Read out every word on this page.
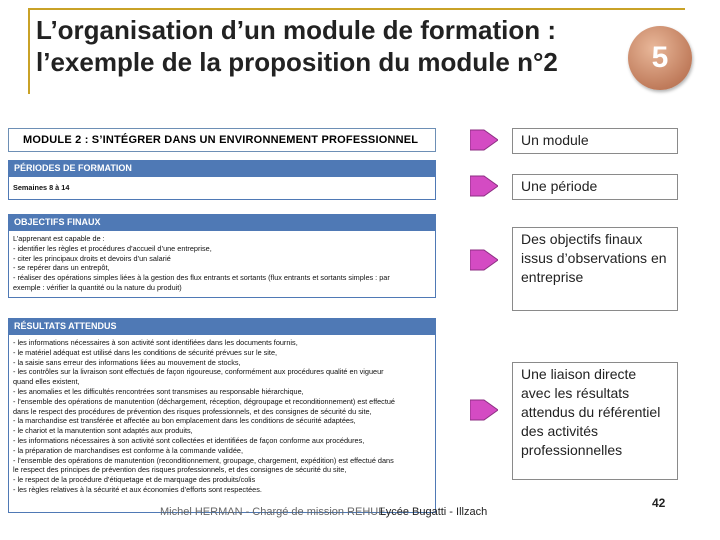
L’organisation d’un module de formation :
l’exemple de la proposition du module n°2	5
MODULE 2 : S’INTÉGRER DANS UN ENVIRONNEMENT PROFESSIONNEL
PÉRIODES DE FORMATION
Semaines 8 à 14
OBJECTIFS FINAUX
L’apprenant est capable de :
- identifier les règles et procédures d’accueil d’une entreprise,
- citer les principaux droits et devoirs d’un salarié
- se repérer dans un entrepôt,
- réaliser des opérations simples liées à la gestion des flux entrants et sortants (flux entrants et sortants simples : par
exemple : vérifier la quantité ou la nature du produit)
RÉSULTATS ATTENDUS
- les informations nécessaires à son activité sont identifiées dans les documents fournis,
- le matériel adéquat est utilisé dans les conditions de sécurité prévues sur le site,
- la saisie sans erreur des informations liées au mouvement de stocks,
- les contrôles sur la livraison sont effectués de façon rigoureuse, conformément aux procédures qualité en vigueur
quand elles existent,
- les anomalies et les difficultés rencontrées sont transmises au responsable hiérarchique,
- l’ensemble des opérations de manutention (déchargement, réception, dégroupage et reconditionnement) est effectué
dans le respect des procédures de prévention des risques professionnels, et des consignes de sécurité du site,
- la marchandise est transférée et affectée au bon emplacement dans les conditions de sécurité adaptées,
- le chariot et la manutention sont adaptés aux produits,
- les informations nécessaires à son activité sont collectées et identifiées de façon conforme aux procédures,
- la préparation de marchandises est conforme à la commande validée,
- l’ensemble des opérations de manutention (reconditionnement, groupage, chargement, expédition) est effectué dans
le respect des principes de prévention des risques professionnels, et des consignes de sécurité du site,
- le respect de la procédure d’étiquetage et de marquage des produits/colis
- les règles relatives à la sécurité et aux économies d’efforts sont respectées.
Un module
Une période
Des objectifs finaux issus d’observations en entreprise
Une liaison directe avec les résultats attendus du référentiel des activités professionnelles
Michel HERMAN - Chargé de mission REHUE
Lycée Bugatti - Illzach
42
